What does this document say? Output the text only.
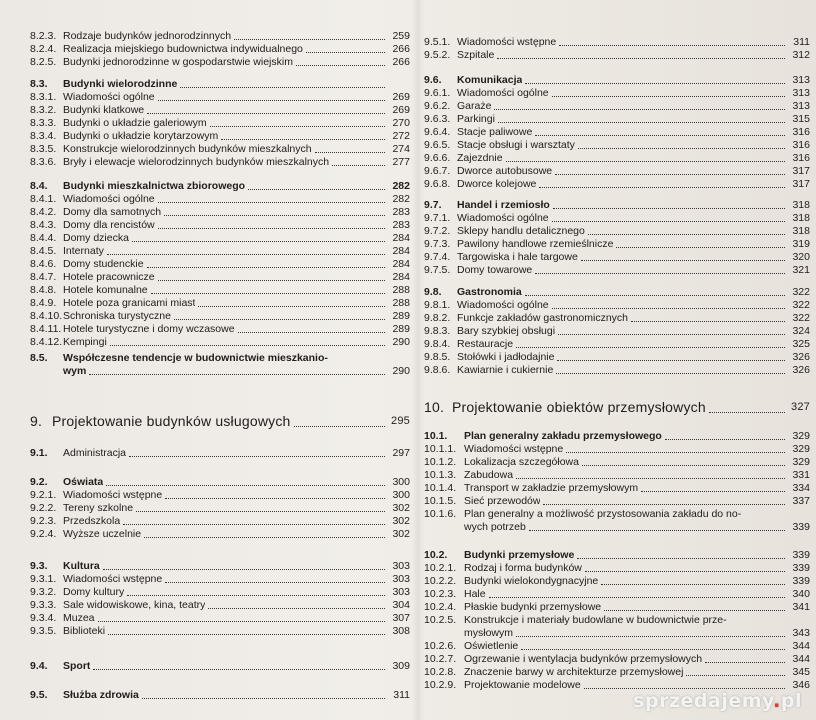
8.2.3. Rodzaje budynków jednorodzinnych	259
8.2.4. Realizacja miejskiego budownictwa indywidualnego	266
8.2.5. Budynki jednorodzinne w gospodarstwie wiejskim	266
8.3.	Budynki wielorodzinne
8.3.1. Wiadomości ogólne	269
8.3.2. Budynki klatkowe	269
8.3.3. Budynki o układzie galeriowym	270
8.3.4. Budynki o układzie korytarzowym	272
8.3.5. Konstrukcje wielorodzinnych budynków mieszkalnych	274
8.3.6. Bryły i elewacje wielorodzinnych budynków mieszkalnych	277
8.4.	Budynki mieszkalnictwa zbiorowego	282
8.4.1. Wiadomości ogólne	282
8.4.2. Domy dla samotnych	283
8.4.3. Domy dla rencistów	283
8.4.4. Domy dziecka	284
8.4.5. Internaty	284
8.4.6. Domy studenckie	284
8.4.7. Hotele pracownicze	284
8.4.8. Hotele komunalne	288
8.4.9. Hotele poza granicami miast	288
8.4.10. Schroniska turystyczne	289
8.4.11. Hotele turystyczne i domy wczasowe	289
8.4.12. Kempingi	290
8.5.	Współczesne tendencje w budownictwie mieszkanio-
wym	290
9. Projektowanie budynków usługowych	295
9.1.	Administracja	297
9.2.	Oświata	300
9.2.1. Wiadomości wstępne	300
9.2.2. Tereny szkolne	302
9.2.3. Przedszkola	302
9.2.4. Wyższe uczelnie	302
9.3.	Kultura	303
9.3.1. Wiadomości wstępne	303
9.3.2. Domy kultury	303
9.3.3. Sale widowiskowe, kina, teatry	304
9.3.4. Muzea	307
9.3.5. Biblioteki	308
9.4.	Sport	309
9.5.	Służba zdrowia	311
9.5.1. Wiadomości wstępne	311
9.5.2. Szpitale	312
9.6.	Komunikacja	313
9.6.1. Wiadomości ogólne	313
9.6.2. Garaże	313
9.6.3. Parkingi	315
9.6.4. Stacje paliwowe	316
9.6.5. Stacje obsługi i warsztaty	316
9.6.6. Zajezdnie	316
9.6.7. Dworce autobusowe	317
9.6.8. Dworce kolejowe	317
9.7.	Handel i rzemiosło	318
9.7.1. Wiadomości ogólne	318
9.7.2. Sklepy handlu detalicznego	318
9.7.3. Pawilony handlowe rzemieślnicze	319
9.7.4. Targowiska i hale targowe	320
9.7.5. Domy towarowe	321
9.8.	Gastronomia	322
9.8.1. Wiadomości ogólne	322
9.8.2. Funkcje zakładów gastronomicznych	322
9.8.3. Bary szybkiej obsługi	324
9.8.4. Restauracje	325
9.8.5. Stołówki i jadłodajnie	326
9.8.6. Kawiarnie i cukiernie	326
10. Projektowanie obiektów przemysłowych	327
10.1.	Plan generalny zakładu przemysłowego	329
10.1.1. Wiadomości wstępne	329
10.1.2. Lokalizacja szczegółowa	329
10.1.3. Zabudowa	331
10.1.4. Transport w zakładzie przemysłowym	334
10.1.5. Sieć przewodów	337
10.1.6. Plan generalny a możliwość przystosowania zakładu do no-
wych potrzeb	339
10.2.	Budynki przemysłowe	339
10.2.1. Rodzaj i forma budynków	339
10.2.2. Budynki wielokondygnacyjne	339
10.2.3. Hale	340
10.2.4. Płaskie budynki przemysłowe	341
10.2.5. Konstrukcje i materiały budowlane w budownictwie prze-
mysłowym	343
10.2.6. Oświetlenie	344
10.2.7. Ogrzewanie i wentylacja budynków przemysłowych	344
10.2.8. Znaczenie barwy w architekturze przemysłowej	345
10.2.9. Projektowanie modelowe	346
sprzedajemy.pl
